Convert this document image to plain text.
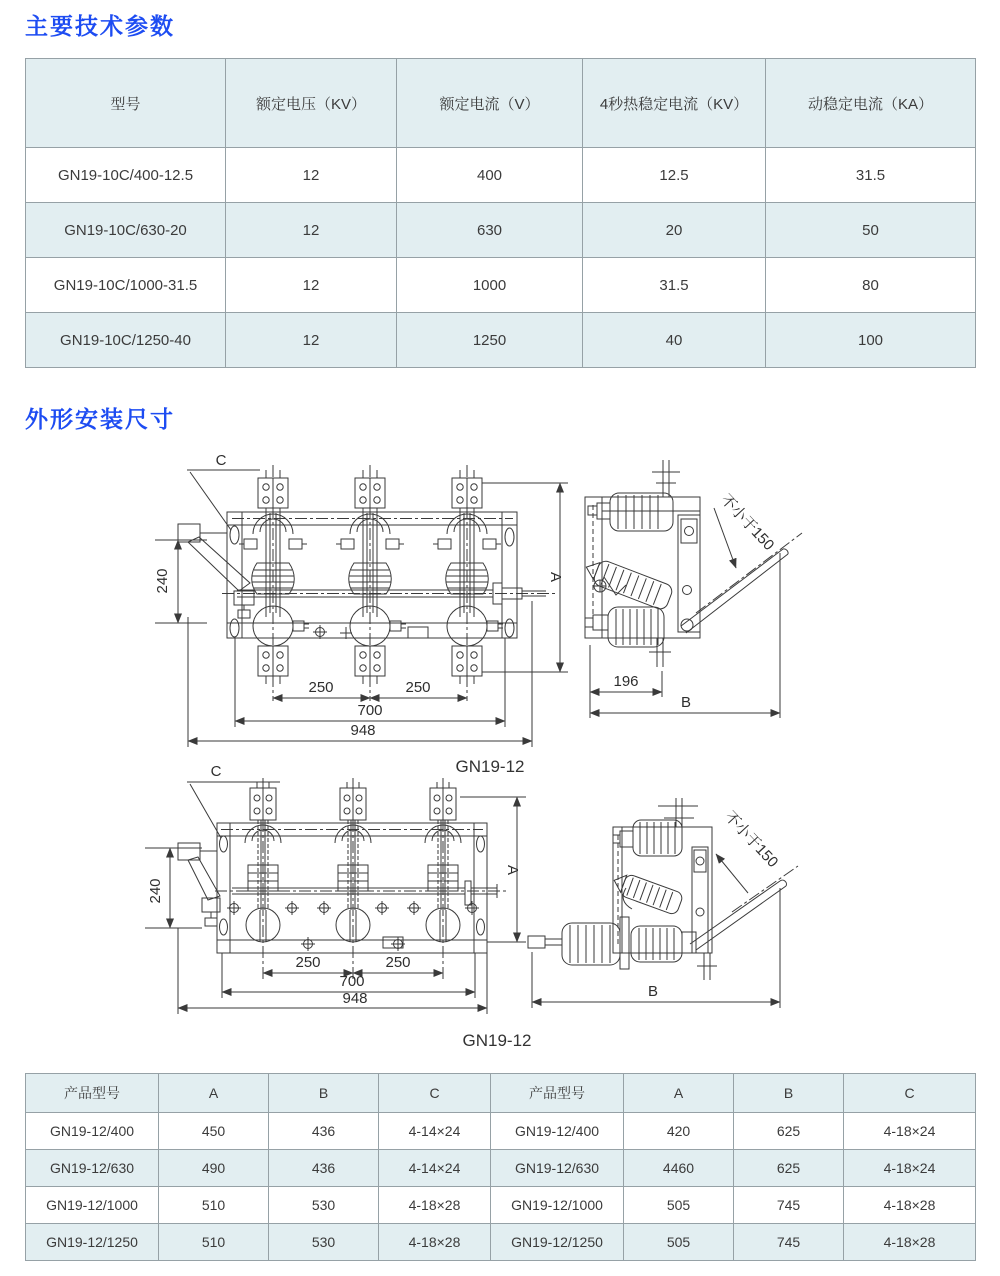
主要技术参数
型号	额定电压（KV）	额定电流（V）	4秒热稳定电流（KV）	动稳定电流（KA）
GN19-10C/400-12.5	12	400	12.5	31.5
GN19-10C/630-20	12	630	20	50
GN19-10C/1000-31.5	12	1000	31.5	80
GN19-10C/1250-40	12	1250	40	100
外形安装尺寸
C
240	A
250	250
700
948
不小于150
196
B
GN19-12
C
240
A
250	250
700
948
不小于150
B
GN19-12
产品型号	A	B	C	产品型号	A	B	C
GN19-12/400	450	436	4-14×24	GN19-12/400	420	625	4-18×24
GN19-12/630	490	436	4-14×24	GN19-12/630	4460	625	4-18×24
GN19-12/1000	510	530	4-18×28	GN19-12/1000	505	745	4-18×28
GN19-12/1250	510	530	4-18×28	GN19-12/1250	505	745	4-18×28
